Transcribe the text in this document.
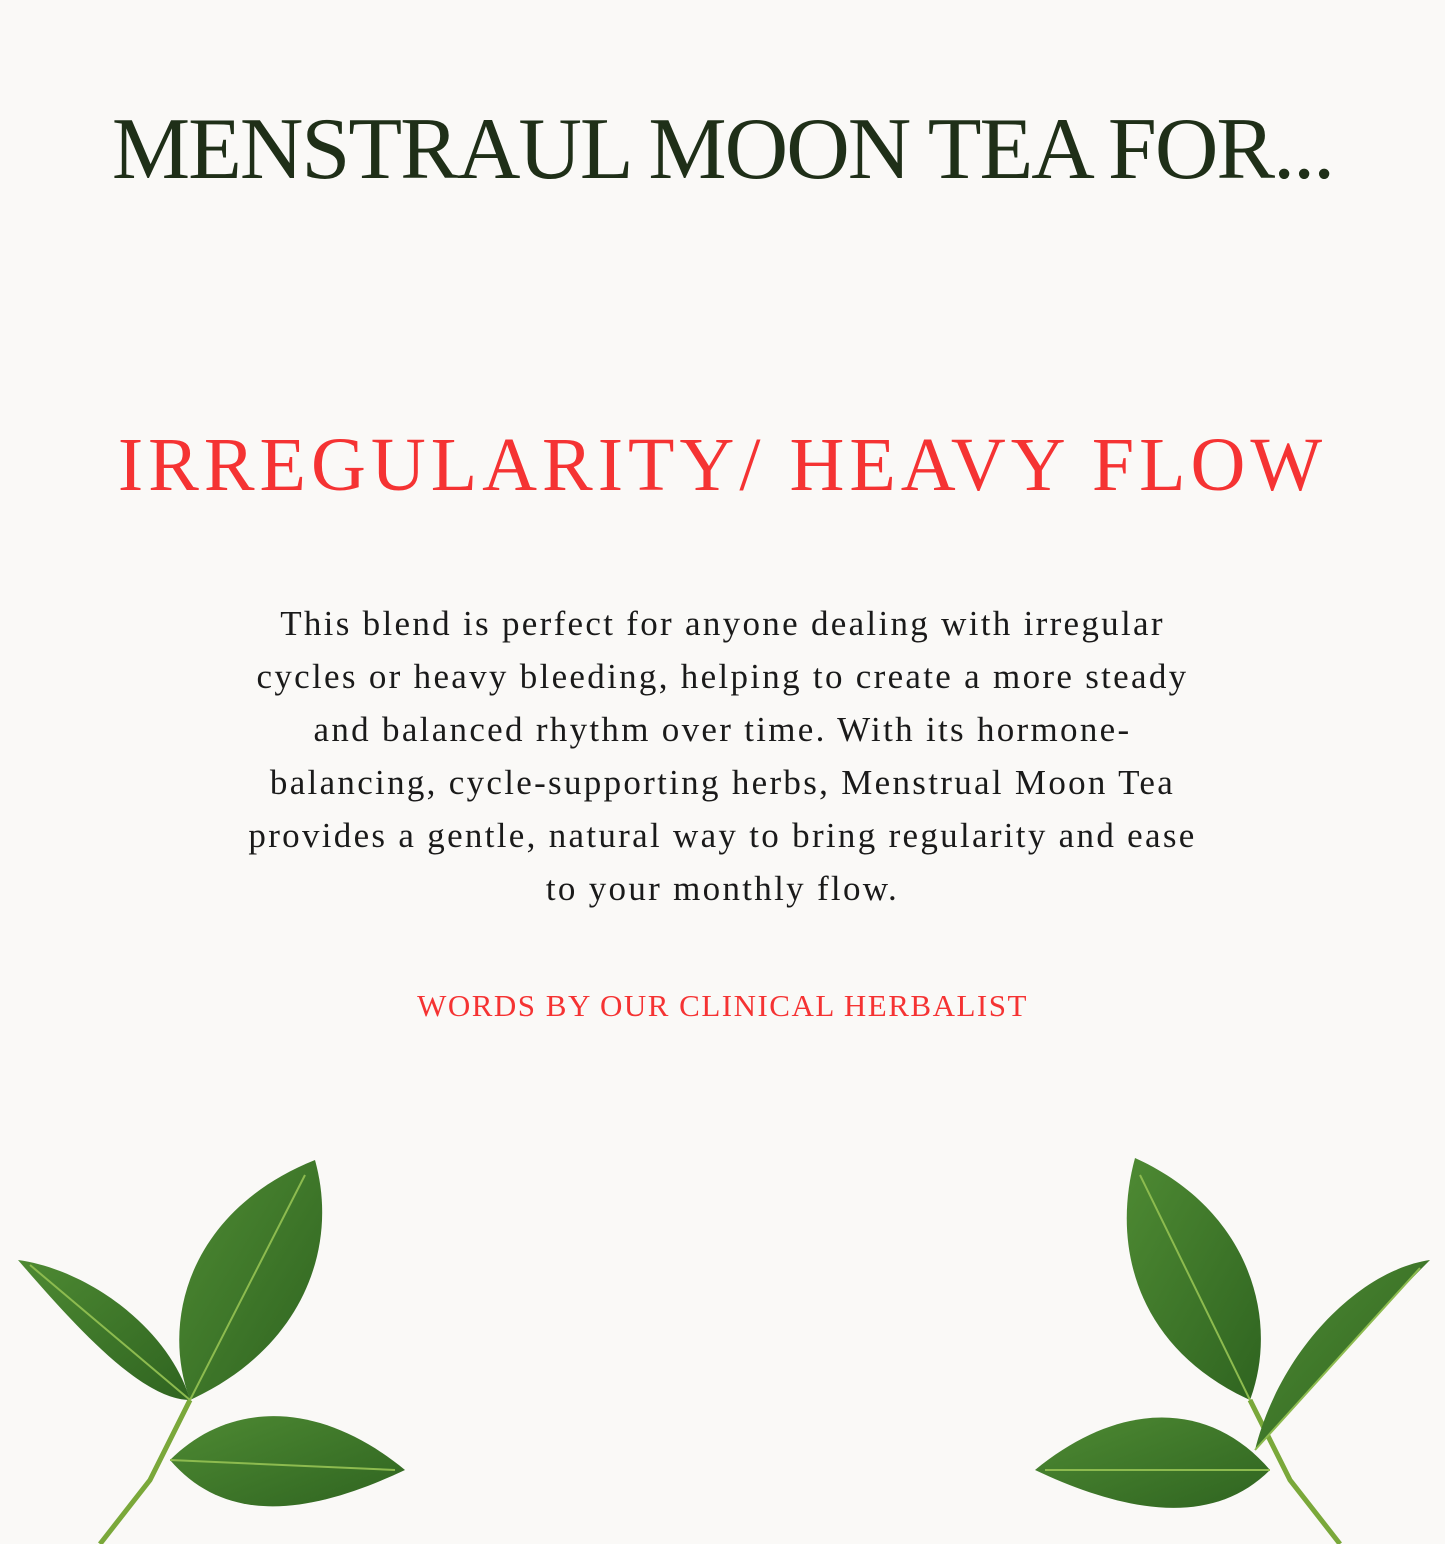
MENSTRAUL MOON TEA FOR...
IRREGULARITY/ HEAVY FLOW
This blend is perfect for anyone dealing with irregular
cycles or heavy bleeding, helping to create a more steady
and balanced rhythm over time. With its hormone-
balancing, cycle-supporting herbs, Menstrual Moon Tea
provides a gentle, natural way to bring regularity and ease
to your monthly flow.
WORDS BY OUR CLINICAL HERBALIST
